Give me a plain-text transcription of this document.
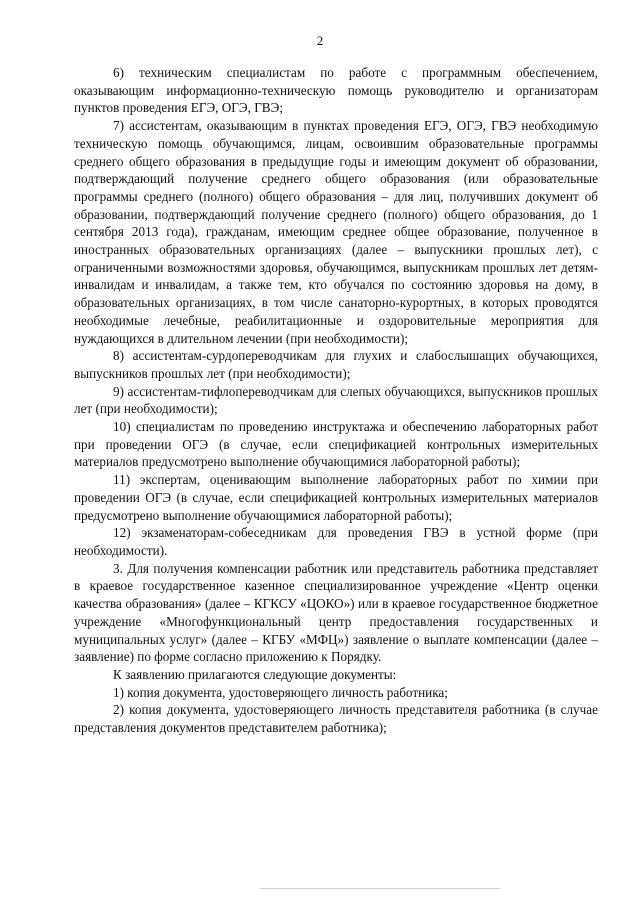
2

6) техническим специалистам по работе с программным обеспечением, оказывающим информационно-техническую помощь руководителю и организаторам пунктов проведения ЕГЭ, ОГЭ, ГВЭ;

7) ассистентам, оказывающим в пунктах проведения ЕГЭ, ОГЭ, ГВЭ необходимую техническую помощь обучающимся, лицам, освоившим образовательные программы среднего общего образования в предыдущие годы и имеющим документ об образовании, подтверждающий получение среднего общего образования (или образовательные программы среднего (полного) общего образования – для лиц, получивших документ об образовании, подтверждающий получение среднего (полного) общего образования, до 1 сентября 2013 года), гражданам, имеющим среднее общее образование, полученное в иностранных образовательных организациях (далее – выпускники прошлых лет), с ограниченными возможностями здоровья, обучающимся, выпускникам прошлых лет детям-инвалидам и инвалидам, а также тем, кто обучался по состоянию здоровья на дому, в образовательных организациях, в том числе санаторно-курортных, в которых проводятся необходимые лечебные, реабилитационные и оздоровительные мероприятия для нуждающихся в длительном лечении (при необходимости);

8) ассистентам-сурдопереводчикам для глухих и слабослышащих обучающихся, выпускников прошлых лет (при необходимости);

9) ассистентам-тифлопереводчикам для слепых обучающихся, выпускников прошлых лет (при необходимости);

10) специалистам по проведению инструктажа и обеспечению лабораторных работ при проведении ОГЭ (в случае, если спецификацией контрольных измерительных материалов предусмотрено выполнение обучающимися лабораторной работы);

11) экспертам, оценивающим выполнение лабораторных работ по химии при проведении ОГЭ (в случае, если спецификацией контрольных измерительных материалов предусмотрено выполнение обучающимися лабораторной работы);

12) экзаменаторам-собеседникам для проведения ГВЭ в устной форме (при необходимости).

3. Для получения компенсации работник или представитель работника представляет в краевое государственное казенное специализированное учреждение «Центр оценки качества образования» (далее – КГКСУ «ЦОКО») или в краевое государственное бюджетное учреждение «Многофункциональный центр предоставления государственных и муниципальных услуг» (далее – КГБУ «МФЦ») заявление о выплате компенсации (далее – заявление) по форме согласно приложению к Порядку.

К заявлению прилагаются следующие документы:

1) копия документа, удостоверяющего личность работника;

2) копия документа, удостоверяющего личность представителя работника (в случае представления документов представителем работника);
